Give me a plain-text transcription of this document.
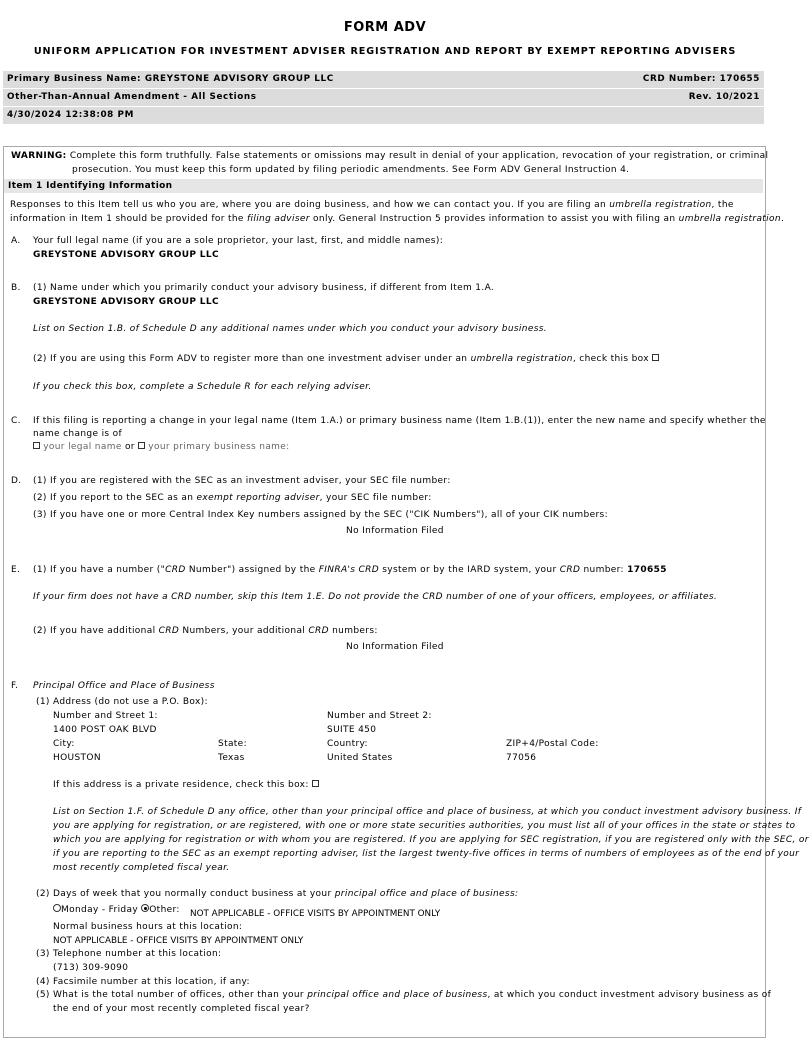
FORM ADV
UNIFORM APPLICATION FOR INVESTMENT ADVISER REGISTRATION AND REPORT BY EXEMPT REPORTING ADVISERS
Primary Business Name: GREYSTONE ADVISORY GROUP LLC	CRD Number: 170655
Other-Than-Annual Amendment - All Sections	Rev. 10/2021
4/30/2024 12:38:08 PM
WARNING: Complete this form truthfully. False statements or omissions may result in denial of your application, revocation of your registration, or criminal
prosecution. You must keep this form updated by filing periodic amendments. See Form ADV General Instruction 4.
Item 1 Identifying Information
Responses to this Item tell us who you are, where you are doing business, and how we can contact you. If you are filing an umbrella registration, the
information in Item 1 should be provided for the filing adviser only. General Instruction 5 provides information to assist you with filing an umbrella registration.
A. Your full legal name (if you are a sole proprietor, your last, first, and middle names):
GREYSTONE ADVISORY GROUP LLC
B. (1) Name under which you primarily conduct your advisory business, if different from Item 1.A.
GREYSTONE ADVISORY GROUP LLC
List on Section 1.B. of Schedule D any additional names under which you conduct your advisory business.
(2) If you are using this Form ADV to register more than one investment adviser under an umbrella registration, check this box
If you check this box, complete a Schedule R for each relying adviser.
C. If this filing is reporting a change in your legal name (Item 1.A.) or primary business name (Item 1.B.(1)), enter the new name and specify whether the
name change is of
your legal name or your primary business name:
D. (1) If you are registered with the SEC as an investment adviser, your SEC file number:
(2) If you report to the SEC as an exempt reporting adviser, your SEC file number:
(3) If you have one or more Central Index Key numbers assigned by the SEC ("CIK Numbers"), all of your CIK numbers:
No Information Filed
E. (1) If you have a number ("CRD Number") assigned by the FINRA's CRD system or by the IARD system, your CRD number: 170655
If your firm does not have a CRD number, skip this Item 1.E. Do not provide the CRD number of one of your officers, employees, or affiliates.
(2) If you have additional CRD Numbers, your additional CRD numbers:
No Information Filed
F. Principal Office and Place of Business
(1) Address (do not use a P.O. Box):
Number and Street 1:	Number and Street 2:
1400 POST OAK BLVD	SUITE 450
City:	State:	Country:	ZIP+4/Postal Code:
HOUSTON	Texas	United States	77056
If this address is a private residence, check this box:
List on Section 1.F. of Schedule D any office, other than your principal office and place of business, at which you conduct investment advisory business. If
you are applying for registration, or are registered, with one or more state securities authorities, you must list all of your offices in the state or states to
which you are applying for registration or with whom you are registered. If you are applying for SEC registration, if you are registered only with the SEC, or
if you are reporting to the SEC as an exempt reporting adviser, list the largest twenty-five offices in terms of numbers of employees as of the end of your
most recently completed fiscal year.
(2) Days of week that you normally conduct business at your principal office and place of business:
Monday - Friday Other: NOT APPLICABLE - OFFICE VISITS BY APPOINTMENT ONLY
Normal business hours at this location:
NOT APPLICABLE - OFFICE VISITS BY APPOINTMENT ONLY
(3) Telephone number at this location:
(713) 309-9090
(4) Facsimile number at this location, if any:
(5) What is the total number of offices, other than your principal office and place of business, at which you conduct investment advisory business as of
the end of your most recently completed fiscal year?
